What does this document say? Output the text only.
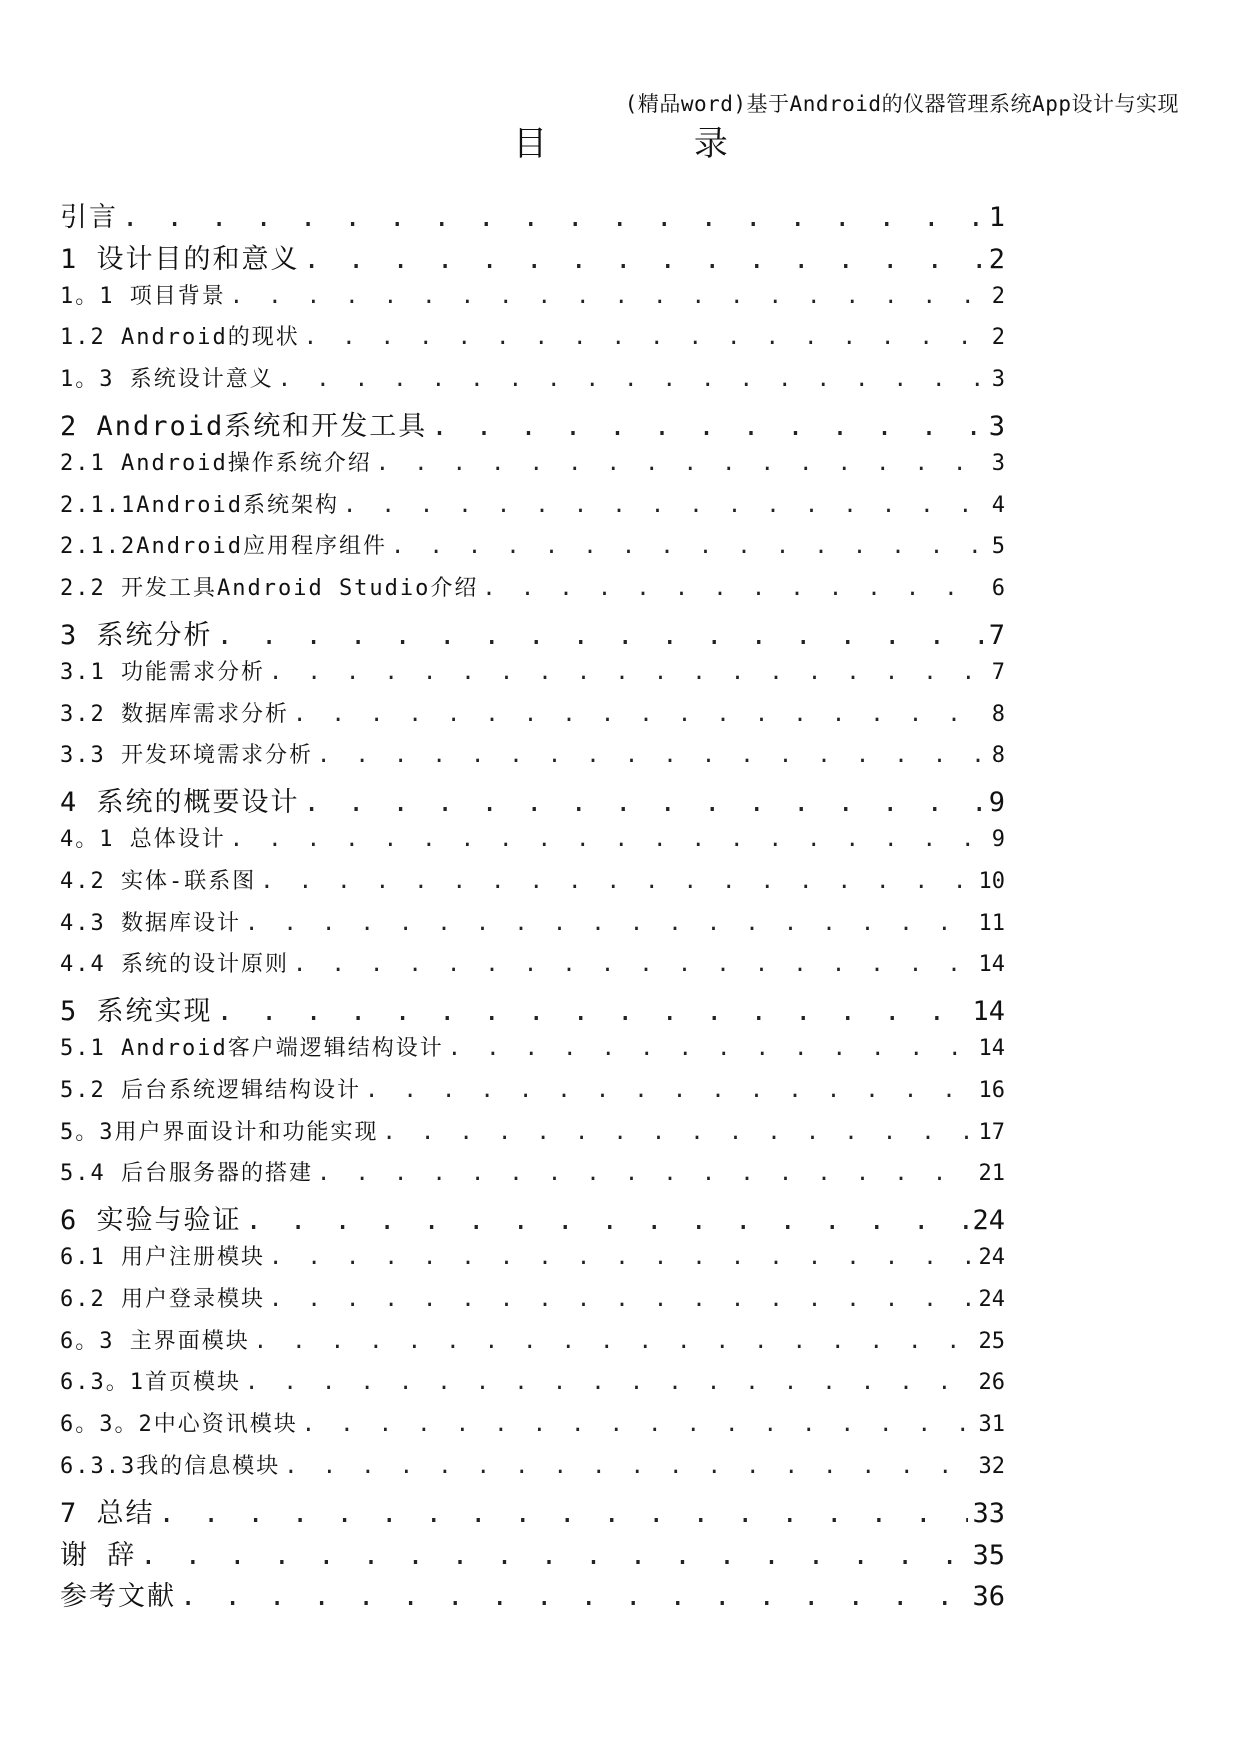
(精品word)基于Android的仪器管理系统App设计与实现
目 录
引言 . . .	1
1 设计目的和意义 . . .	2
1。1 项目背景 . . .	2
1.2 Android的现状 . . .	2
1。3 系统设计意义 . . .	3
2 Android系统和开发工具 . . .	3
2.1 Android操作系统介绍 . . .	3
2.1.1Android系统架构 . . .	4
2.1.2Android应用程序组件 . . .	5
2.2 开发工具Android Studio介绍 . . .	6
3 系统分析 . . .	7
3.1 功能需求分析 . . .	7
3.2 数据库需求分析 . . .	8
3.3 开发环境需求分析 . . .	8
4 系统的概要设计 . . .	9
4。1 总体设计 . . .	9
4.2 实体-联系图 . . .	10
4.3 数据库设计 . . .	11
4.4 系统的设计原则 . . .	14
5 系统实现 . . .	14
5.1 Android客户端逻辑结构设计 . . .	14
5.2 后台系统逻辑结构设计 . . .	16
5。3用户界面设计和功能实现 . . .	17
5.4 后台服务器的搭建 . . .	21
6 实验与验证 . . .	24
6.1 用户注册模块 . . .	24
6.2 用户登录模块 . . .	24
6。3 主界面模块 . . .	25
6.3。1首页模块 . . .	26
6。3。2中心资讯模块 . . .	31
6.3.3我的信息模块 . . .	32
7 总结 . . .	33
谢 辞 . . .	35
参考文献 . . .	36
